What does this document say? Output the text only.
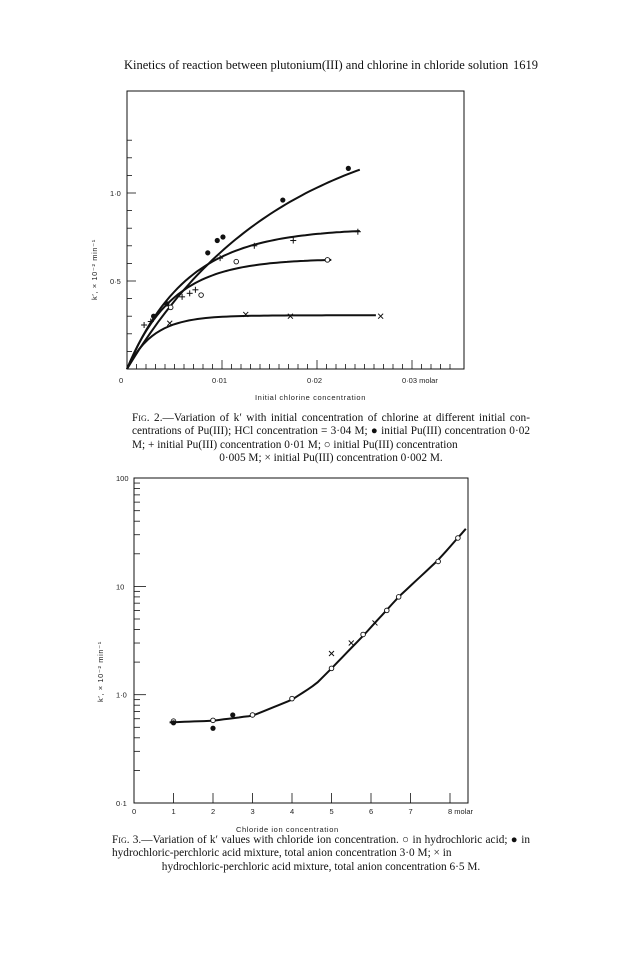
Kinetics of reaction between plutonium(III) and chlorine in chloride solution 1619
0	0·01	0·02	0·03 molar
0·5
1·0
Initial chlorine concentration
k′, × 10⁻² min⁻¹
0	1	2	3	4	5	6	7	8 molar
0·1
1·0
10
100
Chloride ion concentration
k′, × 10⁻² min⁻¹
Fig. 2.—Variation of k′ with initial concentration of chlorine at different initial con- centrations of Pu(III); HCl concentration = 3·04 M; ● initial Pu(III) concentration 0·02 M; + initial Pu(III) concentration 0·01 M; ○ initial Pu(III) concentration
0·005 M; × initial Pu(III) concentration 0·002 M.
Fig. 3.—Variation of k′ values with chloride ion concentration. ○ in hydrochloric acid; ● in hydrochloric-perchloric acid mixture, total anion concentration 3·0 M; × in
hydrochloric-perchloric acid mixture, total anion concentration 6·5 M.
